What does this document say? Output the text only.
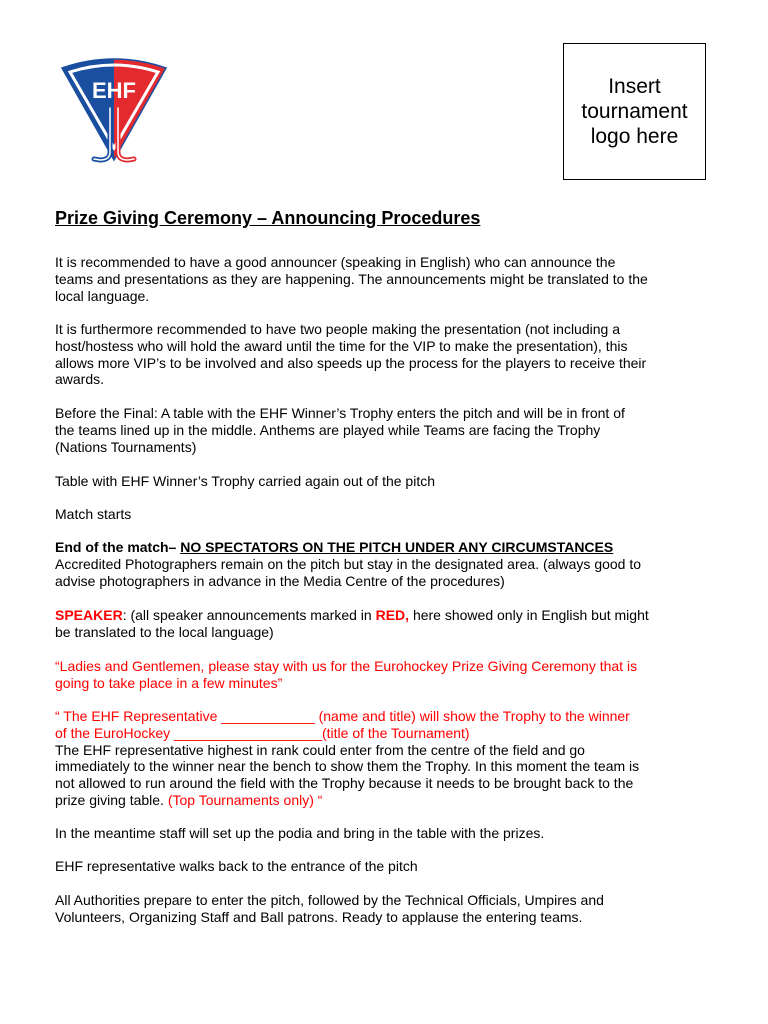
EHF	Insert
tournament
logo here
Prize Giving Ceremony – Announcing Procedures
It is recommended to have a good announcer (speaking in English) who can announce the
teams and presentations as they are happening. The announcements might be translated to the
local language.
It is furthermore recommended to have two people making the presentation (not including a
host/hostess who will hold the award until the time for the VIP to make the presentation), this
allows more VIP’s to be involved and also speeds up the process for the players to receive their
awards.
Before the Final: A table with the EHF Winner’s Trophy enters the pitch and will be in front of
the teams lined up in the middle. Anthems are played while Teams are facing the Trophy
(Nations Tournaments)
Table with EHF Winner’s Trophy carried again out of the pitch
Match starts
End of the match– NO SPECTATORS ON THE PITCH UNDER ANY CIRCUMSTANCES
Accredited Photographers remain on the pitch but stay in the designated area. (always good to
advise photographers in advance in the Media Centre of the procedures)
SPEAKER: (all speaker announcements marked in RED, here showed only in English but might
be translated to the local language)
“Ladies and Gentlemen, please stay with us for the Eurohockey Prize Giving Ceremony that is
going to take place in a few minutes”
“ The EHF Representative ____________ (name and title) will show the Trophy to the winner
of the EuroHockey ___________________(title of the Tournament)
The EHF representative highest in rank could enter from the centre of the field and go
immediately to the winner near the bench to show them the Trophy. In this moment the team is
not allowed to run around the field with the Trophy because it needs to be brought back to the
prize giving table. (Top Tournaments only) “
In the meantime staff will set up the podia and bring in the table with the prizes.
EHF representative walks back to the entrance of the pitch
All Authorities prepare to enter the pitch, followed by the Technical Officials, Umpires and
Volunteers, Organizing Staff and Ball patrons. Ready to applause the entering teams.
